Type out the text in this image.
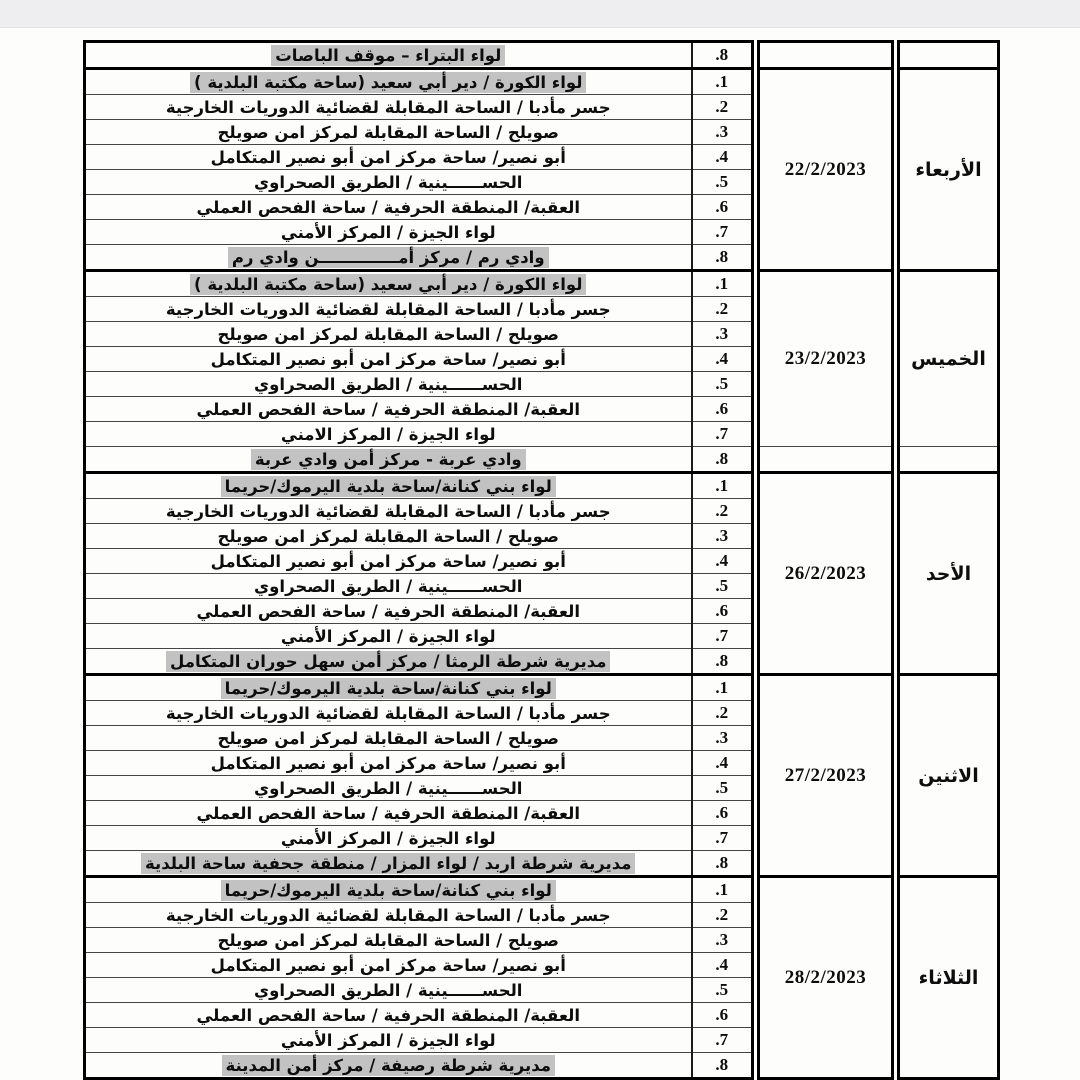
		.8	لواء البتراء – موقف الباصات
الأربعاء	22/2/2023	.1	لواء الكورة / دير أبي سعيد (ساحة مكتبة البلدية )
		.2	جسر مأدبا / الساحة المقابلة لقضائية الدوريات الخارجية
		.3	صويلح / الساحة المقابلة لمركز امن صويلح
		.4	أبو نصير/ ساحة مركز امن أبو نصير المتكامل
		.5	الحســــــينية / الطريق الصحراوي
		.6	العقبة/ المنطقة الحرفية / ساحة الفحص العملي
		.7	لواء الجيزة / المركز الأمني
		.8	وادي رم / مركز أمــــــــــــــن وادي رم
الخميس	23/2/2023	.1	لواء الكورة / دير أبي سعيد (ساحة مكتبة البلدية )
		.2	جسر مأدبا / الساحة المقابلة لقضائية الدوريات الخارجية
		.3	صويلح / الساحة المقابلة لمركز امن صويلح
		.4	أبو نصير/ ساحة مركز امن أبو نصير المتكامل
		.5	الحســــــينية / الطريق الصحراوي
		.6	العقبة/ المنطقة الحرفية / ساحة الفحص العملي
		.7	لواء الجيزة / المركز الامني
		.8	وادي عربة - مركز أمن وادي عربة
الأحد	26/2/2023	.1	لواء بني كنانة/ساحة بلدية اليرموك/حريما
		.2	جسر مأدبا / الساحة المقابلة لقضائية الدوريات الخارجية
		.3	صويلح / الساحة المقابلة لمركز امن صويلح
		.4	أبو نصير/ ساحة مركز امن أبو نصير المتكامل
		.5	الحســــــينية / الطريق الصحراوي
		.6	العقبة/ المنطقة الحرفية / ساحة الفحص العملي
		.7	لواء الجيزة / المركز الأمني
		.8	مديرية شرطة الرمثا / مركز أمن سهل حوران المتكامل
الاثنين	27/2/2023	.1	لواء بني كنانة/ساحة بلدية اليرموك/حريما
		.2	جسر مأدبا / الساحة المقابلة لقضائية الدوريات الخارجية
		.3	صويلح / الساحة المقابلة لمركز امن صويلح
		.4	أبو نصير/ ساحة مركز امن أبو نصير المتكامل
		.5	الحســــــينية / الطريق الصحراوي
		.6	العقبة/ المنطقة الحرفية / ساحة الفحص العملي
		.7	لواء الجيزة / المركز الأمني
		.8	مديرية شرطة اربد / لواء المزار / منطقة جحفية ساحة البلدية
الثلاثاء	28/2/2023	.1	لواء بني كنانة/ساحة بلدية اليرموك/حريما
		.2	جسر مأدبا / الساحة المقابلة لقضائية الدوريات الخارجية
		.3	صويلح / الساحة المقابلة لمركز امن صويلح
		.4	أبو نصير/ ساحة مركز امن أبو نصير المتكامل
		.5	الحســــــينية / الطريق الصحراوي
		.6	العقبة/ المنطقة الحرفية / ساحة الفحص العملي
		.7	لواء الجيزة / المركز الأمني
		.8	مديرية شرطة رصيفة / مركز أمن المدينة
